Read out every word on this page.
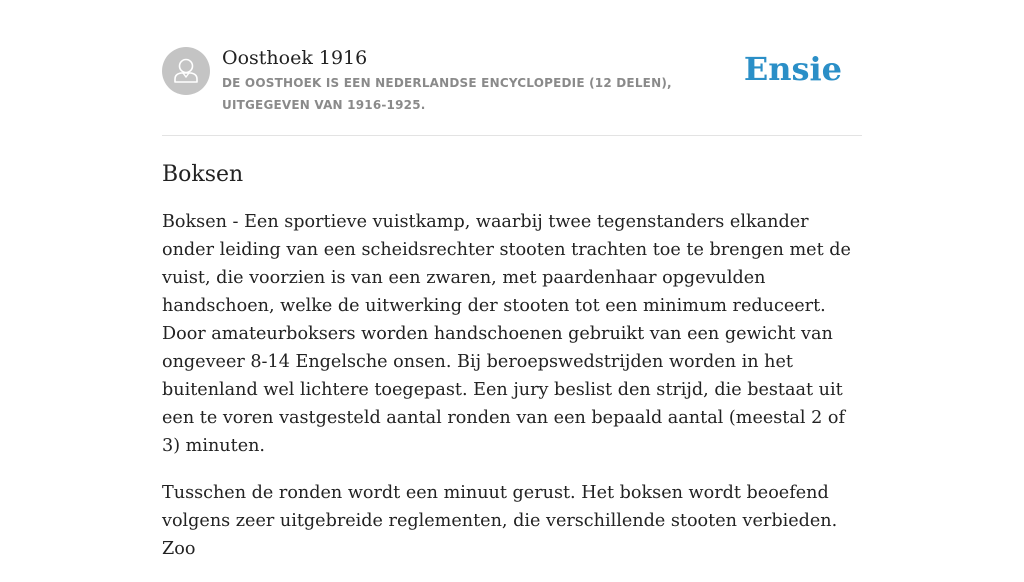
Oosthoek 1916
DE OOSTHOEK IS EEN NEDERLANDSE ENCYCLOPEDIE (12 DELEN), UITGEGEVEN VAN 1916-1925.
Ensie
Boksen

Boksen - Een sportieve vuistkamp, waarbij twee tegenstanders elkander onder leiding van een scheidsrechter stooten trachten toe te brengen met de vuist, die voorzien is van een zwaren, met paardenhaar opgevulden handschoen, welke de uitwerking der stooten tot een minimum reduceert. Door amateurboksers worden handschoenen gebruikt van een gewicht van ongeveer 8-14 Engelsche onsen. Bij beroepswedstrijden worden in het buitenland wel lichtere toegepast. Een jury beslist den strijd, die bestaat uit een te voren vastgesteld aantal ronden van een bepaald aantal (meestal 2 of 3) minuten.

Tusschen de ronden wordt een minuut gerust. Het boksen wordt beoefend volgens zeer uitgebreide reglementen, die verschillende stooten verbieden. Zoo
